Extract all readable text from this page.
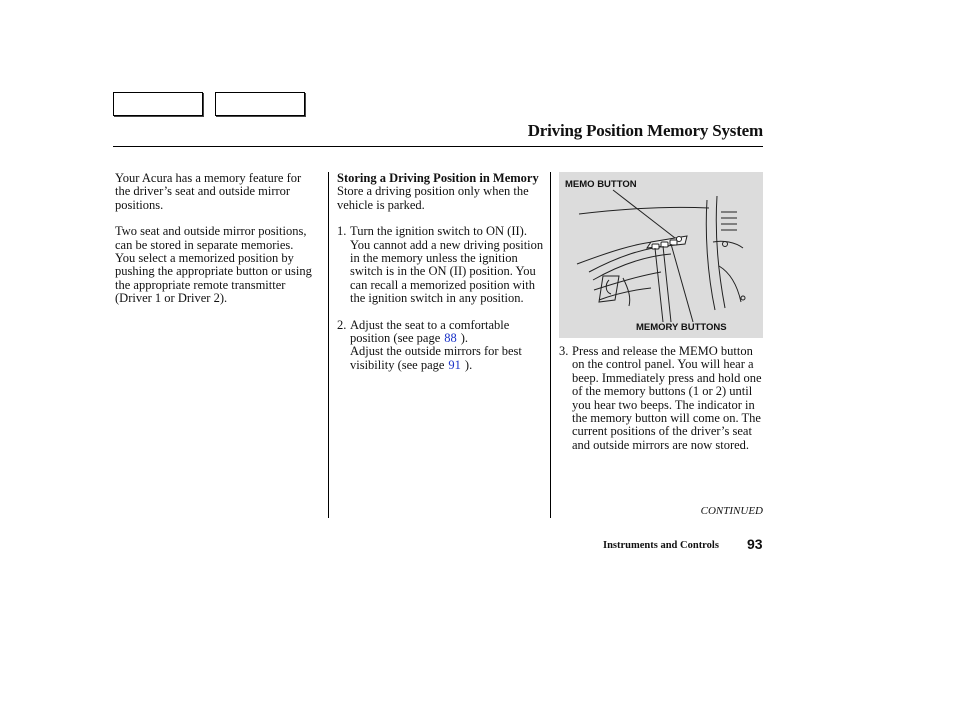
Driving Position Memory System

Your Acura has a memory feature for the driver’s seat and outside mirror positions.

Two seat and outside mirror positions, can be stored in separate memories. You select a memorized position by pushing the appropriate button or using the appropriate remote transmitter (Driver 1 or Driver 2).

Storing a Driving Position in Memory

Store a driving position only when the vehicle is parked.

1. Turn the ignition switch to ON (II). You cannot add a new driving position in the memory unless the ignition switch is in the ON (II) position. You can recall a memorized position with the ignition switch in any position.
2. Adjust the seat to a comfortable position (see page 88 ).
Adjust the outside mirrors for best visibility (see page 91 ).
MEMO BUTTON
MEMORY BUTTONS
3. Press and release the MEMO button on the control panel. You will hear a beep. Immediately press and hold one of the memory buttons (1 or 2) until you hear two beeps. The indicator in the memory button will come on. The current positions of the driver’s seat and outside mirrors are now stored.
CONTINUED
Instruments and Controls 93
